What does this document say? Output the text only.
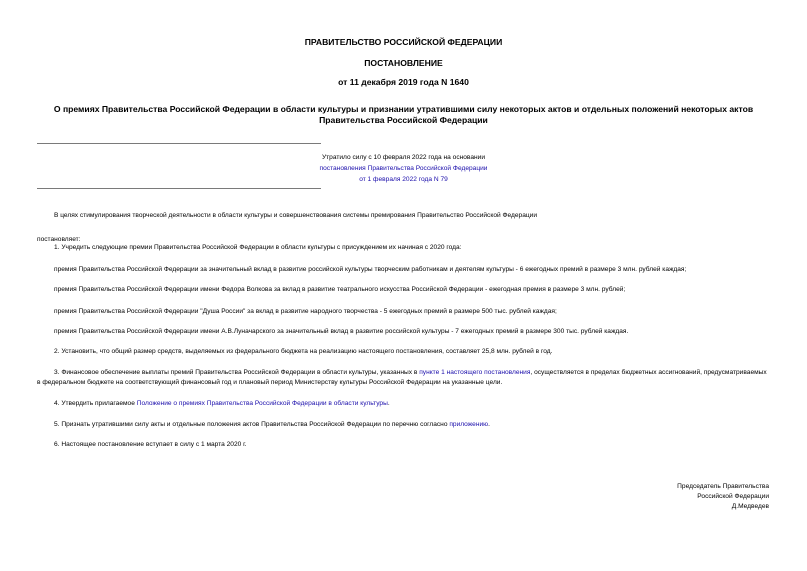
ПРАВИТЕЛЬСТВО РОССИЙСКОЙ ФЕДЕРАЦИИ
ПОСТАНОВЛЕНИЕ
от 11 декабря 2019 года N 1640
О премиях Правительства Российской Федерации в области культуры и признании утратившими силу некоторых актов и отдельных положений некоторых актов Правительства Российской Федерации
Утратило силу с 10 февраля 2022 года на основании
постановления Правительства Российской Федерации
от 1 февраля 2022 года N 79
В целях стимулирования творческой деятельности в области культуры и совершенствования системы премирования Правительство Российской Федерации
постановляет:
1. Учредить следующие премии Правительства Российской Федерации в области культуры с присуждением их начиная с 2020 года:
премия Правительства Российской Федерации за значительный вклад в развитие российской культуры творческим работникам и деятелям культуры - 6 ежегодных премий в размере 3 млн. рублей каждая;
премия Правительства Российской Федерации имени Федора Волкова за вклад в развитие театрального искусства Российской Федерации - ежегодная премия в размере 3 млн. рублей;
премия Правительства Российской Федерации "Душа России" за вклад в развитие народного творчества - 5 ежегодных премий в размере 500 тыс. рублей каждая;
премия Правительства Российской Федерации имени А.В.Луначарского за значительный вклад в развитие российской культуры - 7 ежегодных премий в размере 300 тыс. рублей каждая.
2. Установить, что общий размер средств, выделяемых из федерального бюджета на реализацию настоящего постановления, составляет 25,8 млн. рублей в год.
3. Финансовое обеспечение выплаты премий Правительства Российской Федерации в области культуры, указанных в пункте 1 настоящего постановления, осуществляется в пределах бюджетных ассигнований, предусматриваемых в федеральном бюджете на соответствующий финансовый год и плановый период Министерству культуры Российской Федерации на указанные цели.
4. Утвердить прилагаемое Положение о премиях Правительства Российской Федерации в области культуры.
5. Признать утратившими силу акты и отдельные положения актов Правительства Российской Федерации по перечню согласно приложению.
6. Настоящее постановление вступает в силу с 1 марта 2020 г.
Председатель Правительства
Российской Федерации
Д.Медведев
